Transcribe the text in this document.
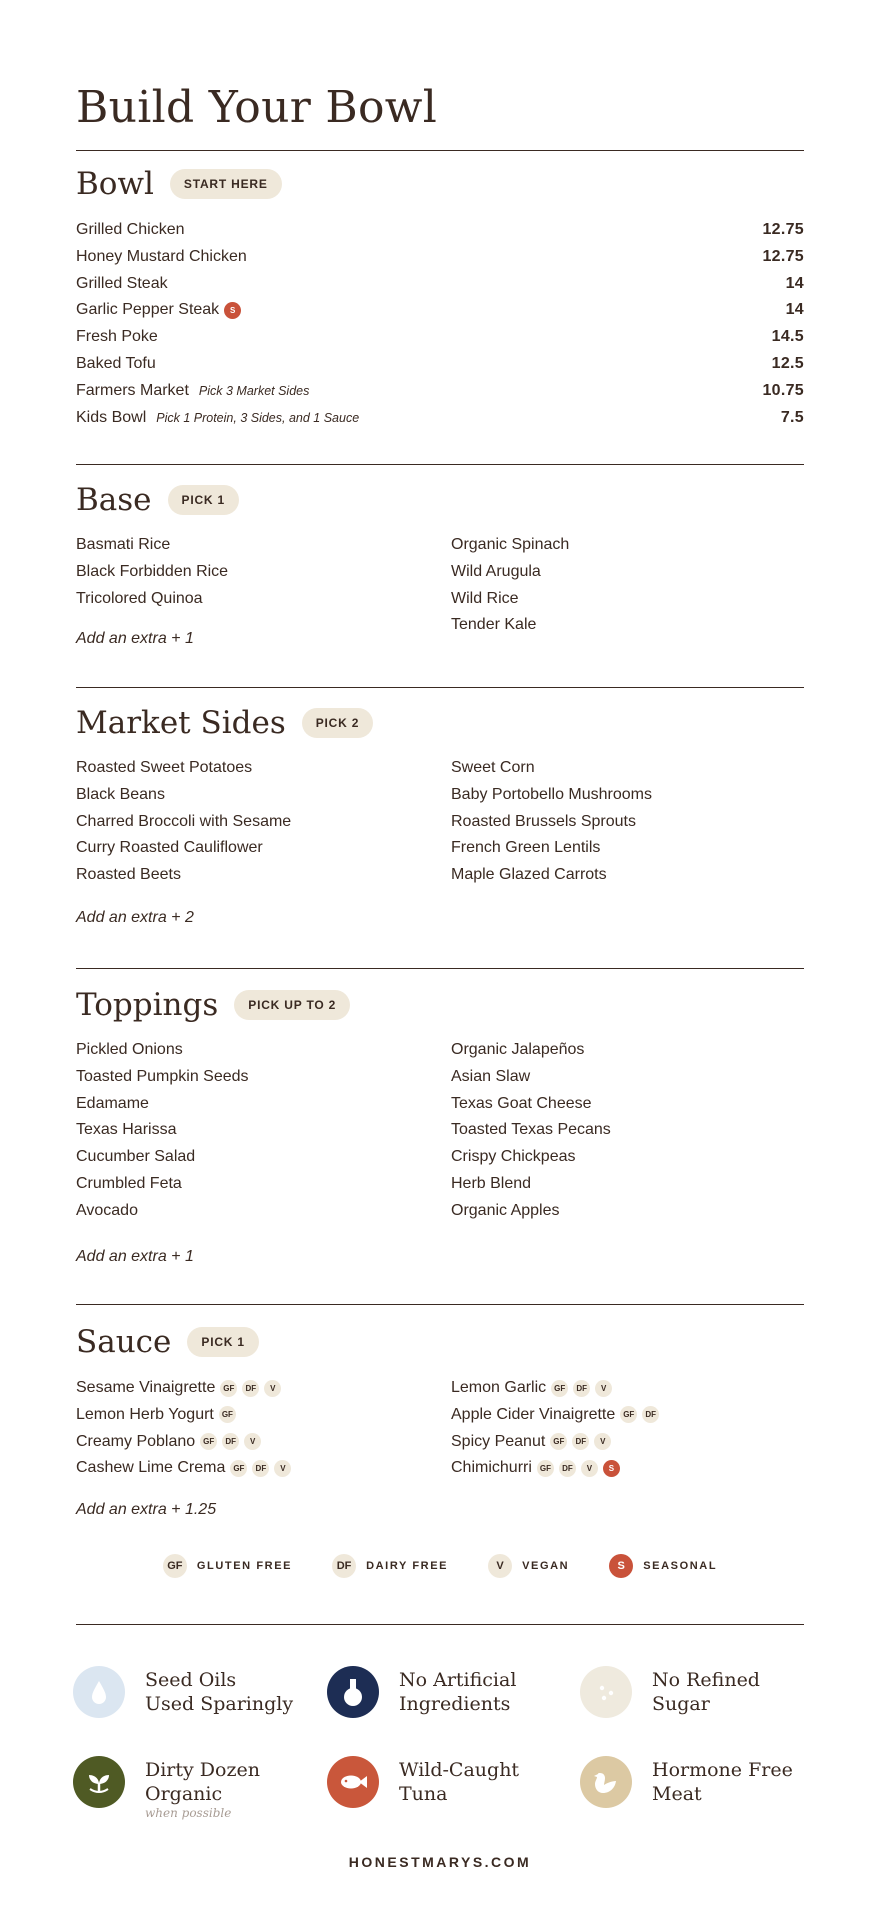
Build Your Bowl
Bowl	START HERE
Grilled Chicken	12.75
Honey Mustard Chicken	12.75
Grilled Steak	14
Garlic Pepper Steak	S	14
Fresh Poke	14.5
Baked Tofu	12.5
Farmers Market Pick 3 Market Sides	10.75
Kids Bowl Pick 1 Protein, 3 Sides, and 1 Sauce	7.5
Base	PICK 1
Basmati Rice
Black Forbidden Rice
Tricolored Quinoa
Organic Spinach
Wild Arugula
Wild Rice
Tender Kale
Add an extra + 1
Market Sides	PICK 2
Roasted Sweet Potatoes
Black Beans
Charred Broccoli with Sesame
Curry Roasted Cauliflower
Roasted Beets
Sweet Corn
Baby Portobello Mushrooms
Roasted Brussels Sprouts
French Green Lentils
Maple Glazed Carrots
Add an extra + 2
Toppings	PICK UP TO 2
Pickled Onions
Toasted Pumpkin Seeds
Edamame
Texas Harissa
Cucumber Salad
Crumbled Feta
Avocado
Organic Jalapeños
Asian Slaw
Texas Goat Cheese
Toasted Texas Pecans
Crispy Chickpeas
Herb Blend
Organic Apples
Add an extra + 1
Sauce	PICK 1
Sesame Vinaigrette GF	DF	V
Lemon Herb Yogurt GF
Creamy Poblano GF	DF	V
Cashew Lime Crema GF	DF	V
Lemon Garlic GF	DF	V
Apple Cider Vinaigrette GF	DF
Spicy Peanut GF	DF	V
Chimichurri GF	DF	V	S
Add an extra + 1.25
GF	GLUTEN FREE	DF	DAIRY FREE	V	VEGAN	S	SEASONAL
Seed Oils
Used Sparingly
No Artificial
Ingredients
No Refined
Sugar
Dirty Dozen
Organic
when possible
Wild-Caught
Tuna
Hormone Free
Meat
HONESTMARYS.COM
